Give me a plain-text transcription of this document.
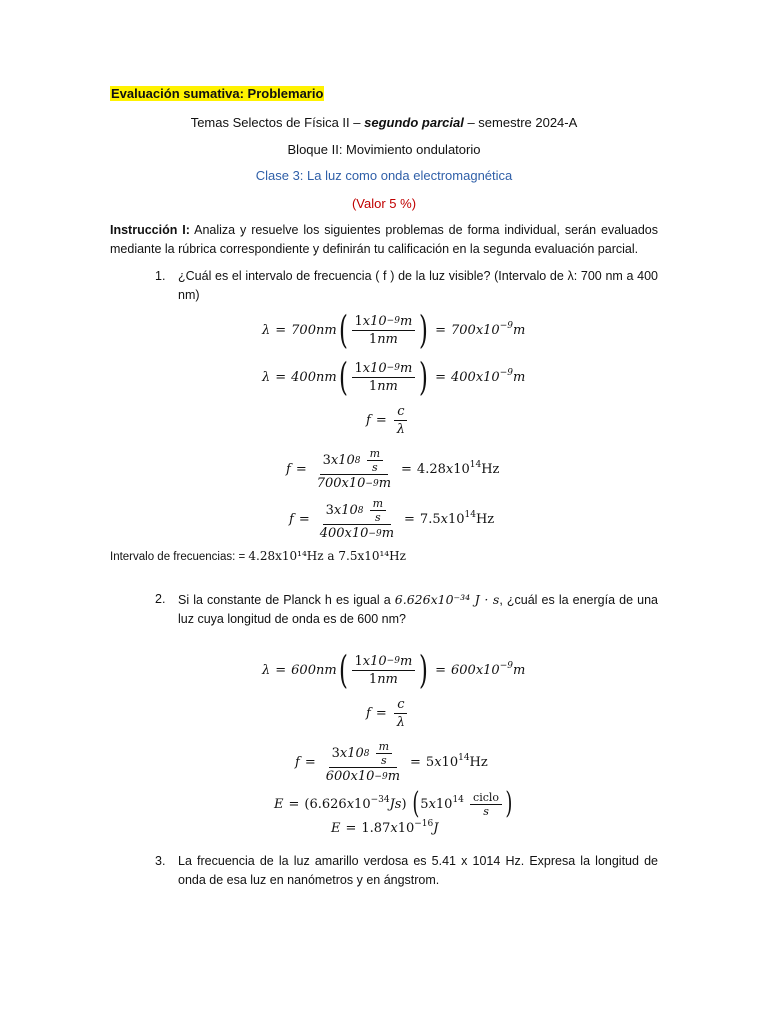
Evaluación sumativa: Problemario
Temas Selectos de Física II – segundo parcial – semestre 2024-A
Bloque II: Movimiento ondulatorio
Clase 3: La luz como onda electromagnética
(Valor 5 %)
Instrucción I: Analiza y resuelve los siguientes problemas de forma individual, serán evaluados mediante la rúbrica correspondiente y definirán tu calificación en la segunda evaluación parcial.
1.	¿Cuál es el intervalo de frecuencia ( f ) de la luz visible? (Intervalo de λ: 700 nm a 400 nm)
λ = 700nm ( $\frac{1 x10 -9 m}{1 nm}$ ) = $700x10^{-9}m$
λ = 400nm ( $\frac{1 x10 -9 m}{1 nm}$ ) = $400x10^{-9}m$
$f = \frac{c}{\lambda}$
f = 3 x10 8
$\frac{m}{s}$
700x10 −9 $m = 4.28x10^{14}Hz$
f = 3 x10 8
$\frac{m}{s}$
400x10 −9 $m = 7.5x10^{14}Hz$
Intervalo de frecuencias: = 4.28x10¹⁴Hz a 7.5x10¹⁴Hz
2.	Si la constante de Planck h es igual a 6.626x10⁻³⁴ J · s, ¿cuál es la energía de una luz cuya longitud de onda es de 600 nm?
λ = 600nm ( $\frac{1 x10 -9 m}{1 nm}$ ) = $600x10^{-9}m$
$f = \frac{c}{\lambda}$
f = 3 x10 8
$\frac{m}{s}$
600x10 −9 $m = 5x10^{14}Hz$
$E = (6.626x10^{-34}Js)$ ( $5x10^{14} \frac{\text{ciclo}}{s}$ )
$E = 1.87x10^{-16}J$
3.	La frecuencia de la luz amarillo verdosa es 5.41 x 1014 Hz. Expresa la longitud de onda de esa luz en nanómetros y en ángstrom.
